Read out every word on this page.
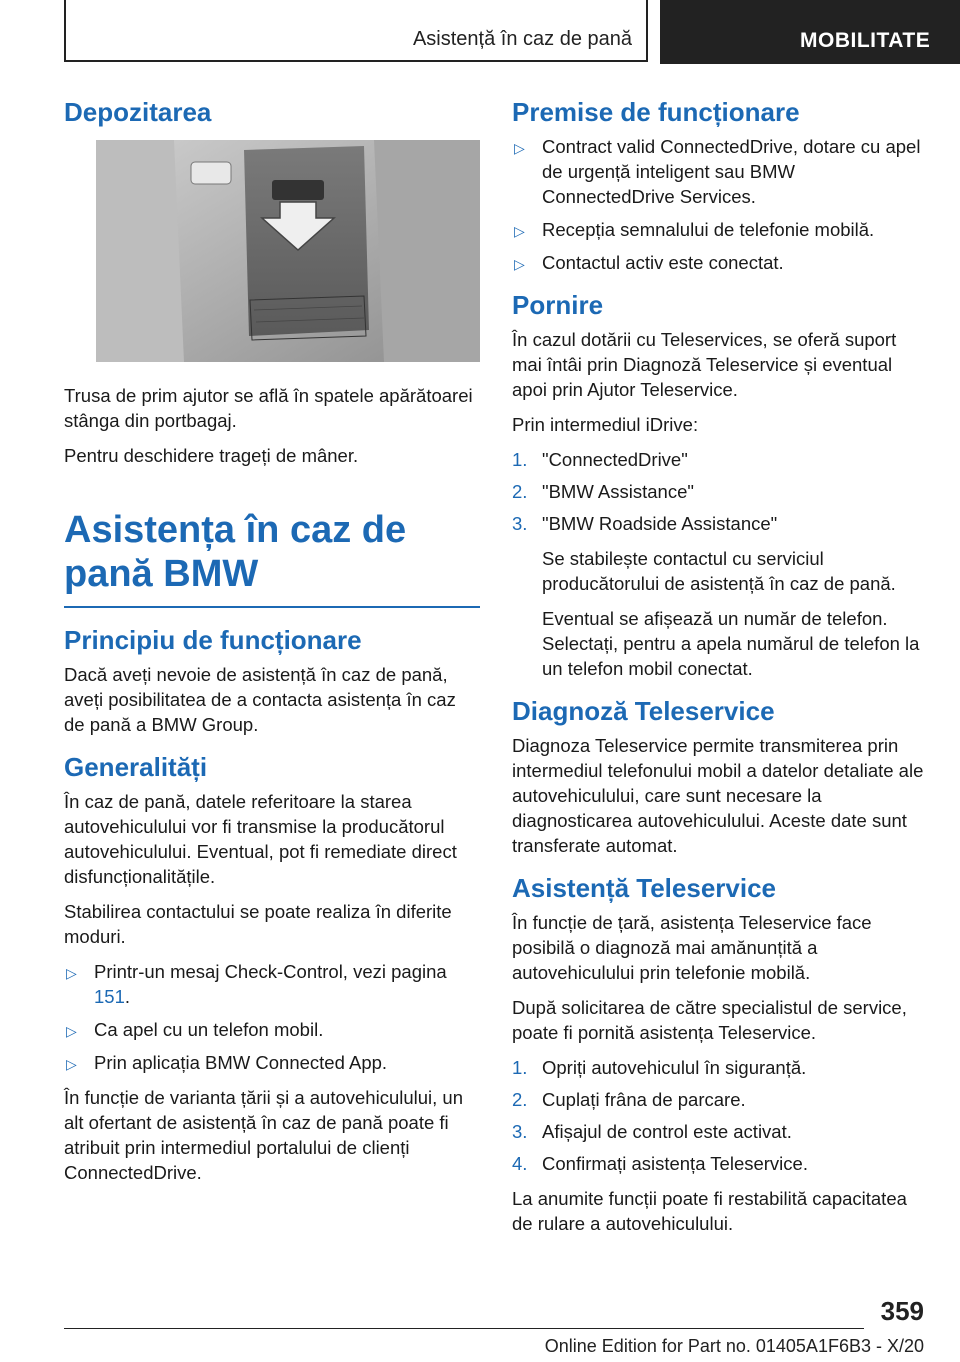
Asistență în caz de pană	MOBILITATE
Depozitarea

Trusa de prim ajutor se află în spatele apărătoarei stânga din portbagaj.

Pentru deschidere trageți de mâner.

Asistența în caz de pană BMW
Principiu de funcționare

Dacă aveți nevoie de asistență în caz de pană, aveți posibilitatea de a contacta asistența în caz de pană a BMW Group.

Generalități

În caz de pană, datele referitoare la starea autovehiculului vor fi transmise la producătorul autovehiculului. Eventual, pot fi remediate direct disfuncționalitățile.

Stabilirea contactului se poate realiza în diferite moduri.

▷ Printr-un mesaj Check-Control, vezi pagina 151.
▷ Ca apel cu un telefon mobil.
▷ Prin aplicația BMW Connected App.

În funcție de varianta țării și a autovehiculului, un alt ofertant de asistență în caz de pană poate fi atribuit prin intermediul portalului de clienți ConnectedDrive.

Premise de funcționare
▷ Contract valid ConnectedDrive, dotare cu apel de urgență inteligent sau BMW ConnectedDrive Services.
▷ Recepția semnalului de telefonie mobilă.
▷ Contactul activ este conectat.
Pornire

În cazul dotării cu Teleservices, se oferă suport mai întâi prin Diagnoză Teleservice și eventual apoi prin Ajutor Teleservice.

Prin intermediul iDrive:

1. "ConnectedDrive"
2. "BMW Assistance"
3. "BMW Roadside Assistance"
Se stabilește contactul cu serviciul producătorului de asistență în caz de pană.
Eventual se afișează un număr de telefon. Selectați, pentru a apela numărul de telefon la un telefon mobil conectat.
Diagnoză Teleservice

Diagnoza Teleservice permite transmiterea prin intermediul telefonului mobil a datelor detaliate ale autovehiculului, care sunt necesare la diagnosticarea autovehiculului. Aceste date sunt transferate automat.

Asistență Teleservice

În funcție de țară, asistența Teleservice face posibilă o diagnoză mai amănunțită a autovehiculului prin telefonie mobilă.

După solicitarea de către specialistul de service, poate fi pornită asistența Teleservice.

1. Opriți autovehiculul în siguranță.
2. Cuplați frâna de parcare.
3. Afișajul de control este activat.
4. Confirmați asistența Teleservice.

La anumite funcții poate fi restabilită capacitatea de rulare a autovehiculului.

359
Online Edition for Part no. 01405A1F6B3 - X/20
